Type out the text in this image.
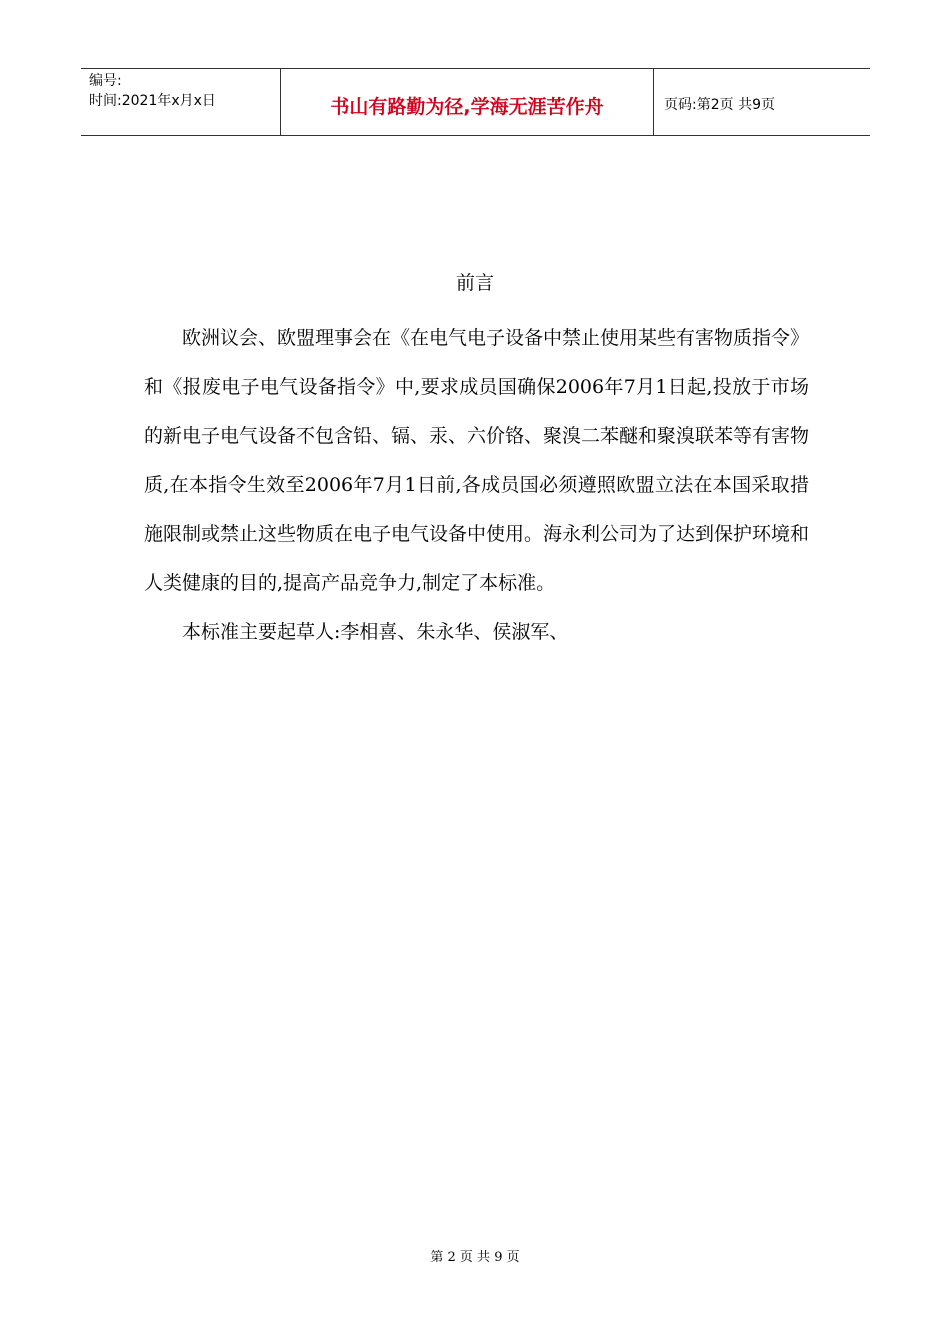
编号:
时间:2021年x月x日	书山有路勤为径,学海无涯苦作舟	页码:第2页 共9页
前言

欧洲议会、欧盟理事会在《在电气电子设备中禁止使用某些有害物质指令》和《报废电子电气设备指令》中,要求成员国确保2006年7月1日起,投放于市场的新电子电气设备不包含铅、镉、汞、六价铬、聚溴二苯醚和聚溴联苯等有害物质,在本指令生效至2006年7月1日前,各成员国必须遵照欧盟立法在本国采取措施限制或禁止这些物质在电子电气设备中使用。海永利公司为了达到保护环境和人类健康的目的,提高产品竞争力,制定了本标准。

本标准主要起草人:李相喜、朱永华、侯淑军、

第 2 页 共 9 页
